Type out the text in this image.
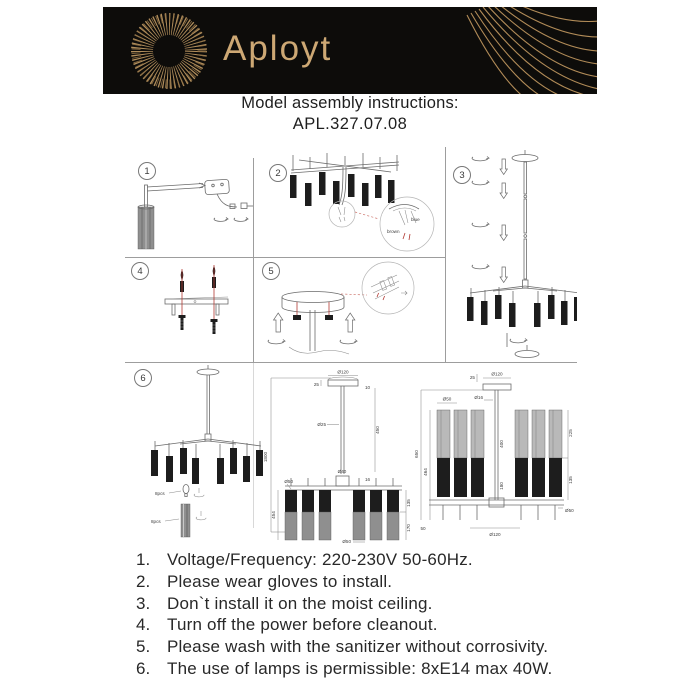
Aployt
Model assembly instructions:
APL.327.07.08
1	2	3
4	5
6
blue
brown
8pcs
8pcs
1800
Ø120
25
10
Ø25
450
Ø40
16
454
Ø50
135
170
Ø50
25
Ø120
Ø16
Ø50
400
180
650
464
225
135
50
Ø120
Ø50
1. Voltage/Frequency: 220-230V 50-60Hz.
2. Please wear gloves to install.
3. Don`t install it on the moist ceiling.
4. Turn off the power before cleanout.
5. Please wash with the sanitizer without corrosivity.
6. The use of lamps is permissible: 8xE14 max 40W.
